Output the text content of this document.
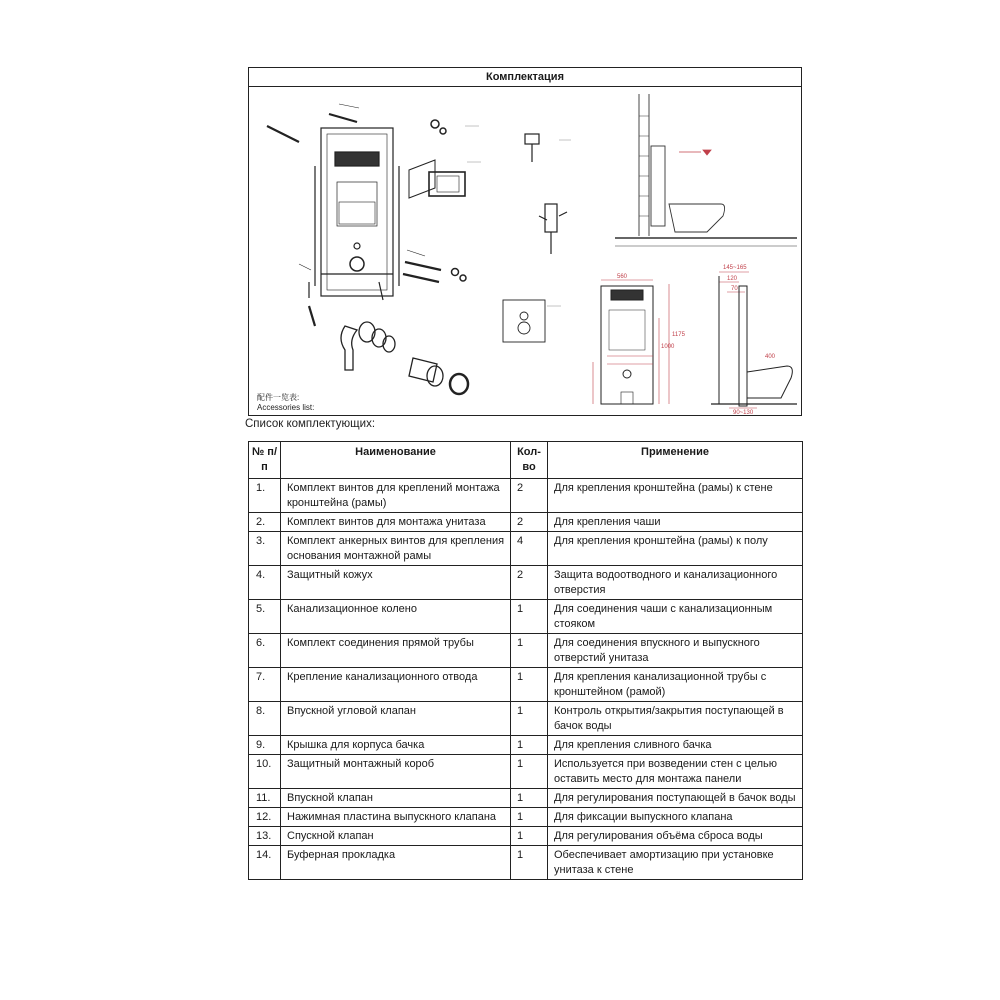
Комплектация
560
1175
1000
145~165
120
70
90~130
400
配件一览表:
Accessories list:
Список комплектующих:
№ п/п	Наименование	Кол-во	Применение
1.	Комплект винтов для креплений монтажа кронштейна (рамы)	2	Для крепления кронштейна (рамы) к стене
2.	Комплект винтов для монтажа унитаза	2	Для крепления чаши
3.	Комплект анкерных винтов для крепления основания монтажной рамы	4	Для крепления кронштейна (рамы) к полу
4.	Защитный кожух	2	Защита водоотводного и канализационного отверстия
5.	Канализационное колено	1	Для соединения чаши с канализационным стояком
6.	Комплект соединения прямой трубы	1	Для соединения впускного и выпускного отверстий унитаза
7.	Крепление канализационного отвода	1	Для крепления канализационной трубы с кронштейном (рамой)
8.	Впускной угловой клапан	1	Контроль открытия/закрытия поступающей в бачок воды
9.	Крышка для корпуса бачка	1	Для крепления сливного бачка
10.	Защитный монтажный короб	1	Используется при возведении стен с целью оставить место для монтажа панели
11.	Впускной клапан	1	Для регулирования поступающей в бачок воды
12.	Нажимная пластина выпускного клапана	1	Для фиксации выпускного клапана
13.	Спускной клапан	1	Для регулирования объёма сброса воды
14.	Буферная прокладка	1	Обеспечивает амортизацию при установке унитаза к стене
